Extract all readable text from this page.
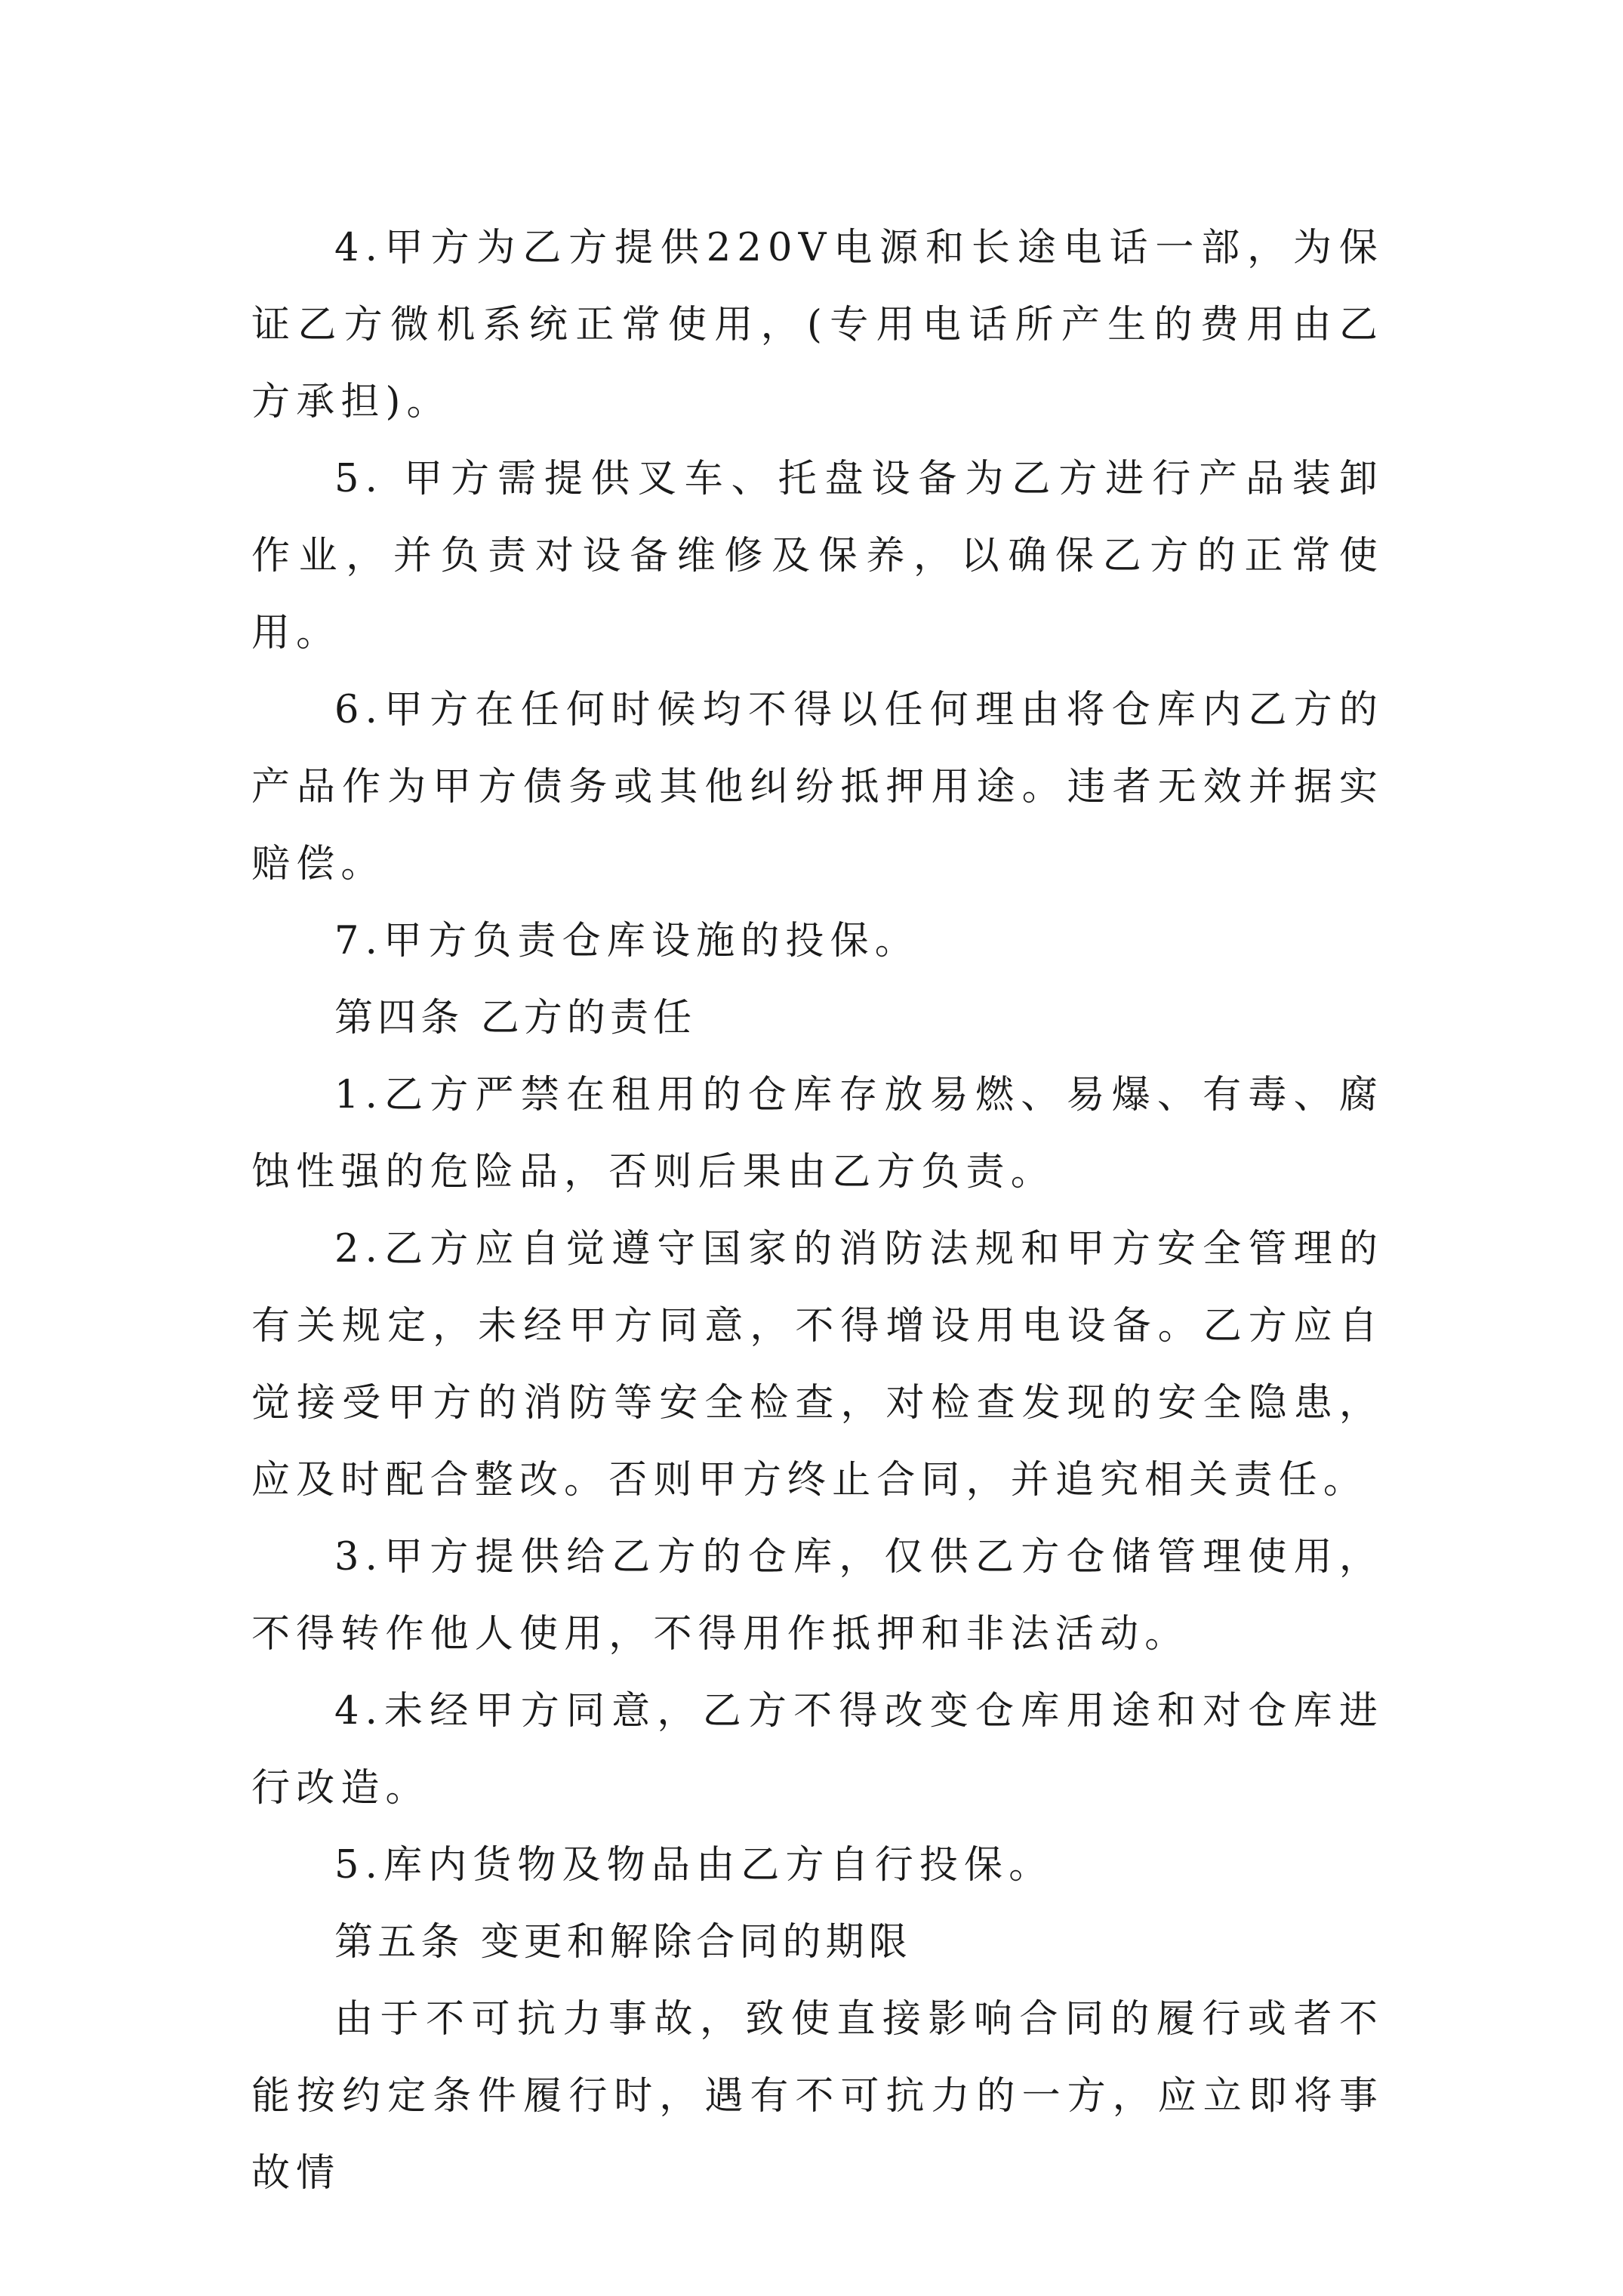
4.甲方为乙方提供220V电源和长途电话一部，为保证乙方微机系统正常使用，(专用电话所产生的费用由乙方承担)。

5. 甲方需提供叉车、托盘设备为乙方进行产品装卸作业，并负责对设备维修及保养，以确保乙方的正常使用。

6.甲方在任何时候均不得以任何理由将仓库内乙方的产品作为甲方债务或其他纠纷抵押用途。违者无效并据实赔偿。

7.甲方负责仓库设施的投保。

第四条 乙方的责任

1.乙方严禁在租用的仓库存放易燃、易爆、有毒、腐蚀性强的危险品，否则后果由乙方负责。

2.乙方应自觉遵守国家的消防法规和甲方安全管理的有关规定，未经甲方同意，不得增设用电设备。乙方应自觉接受甲方的消防等安全检查，对检查发现的安全隐患，应及时配合整改。否则甲方终止合同，并追究相关责任。

3.甲方提供给乙方的仓库，仅供乙方仓储管理使用，不得转作他人使用，不得用作抵押和非法活动。

4.未经甲方同意，乙方不得改变仓库用途和对仓库进行改造。

5.库内货物及物品由乙方自行投保。

第五条 变更和解除合同的期限

由于不可抗力事故，致使直接影响合同的履行或者不能按约定条件履行时，遇有不可抗力的一方，应立即将事故情
